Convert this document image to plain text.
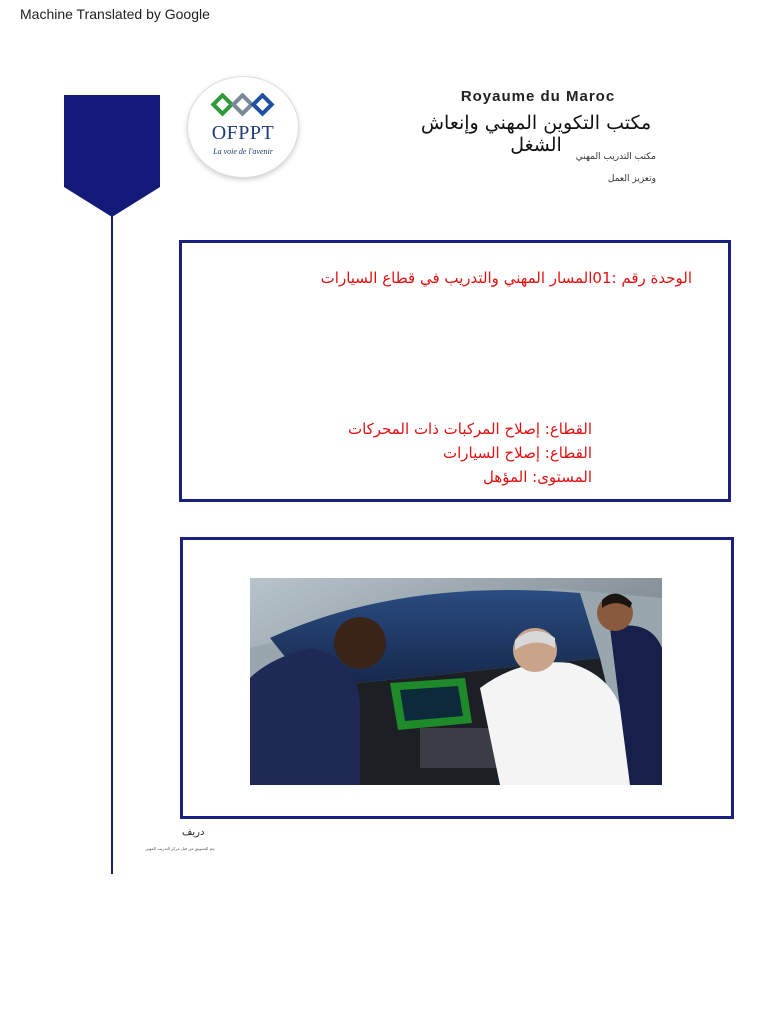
Machine Translated by Google
OFPPT
La voie de l'avenir
Royaume du Maroc
مكتب التكوين المهني وإنعاش الشغل
مكتب التدريب المهني
وتعزيز العمل
الوحدة رقم :01المسار المهني والتدريب في قطاع السيارات
القطاع: إصلاح المركبات ذات المحركات
القطاع: إصلاح السيارات
المستوى: المؤهل
دريف
يتم التسويق من قبل مركز التدريب المهني
